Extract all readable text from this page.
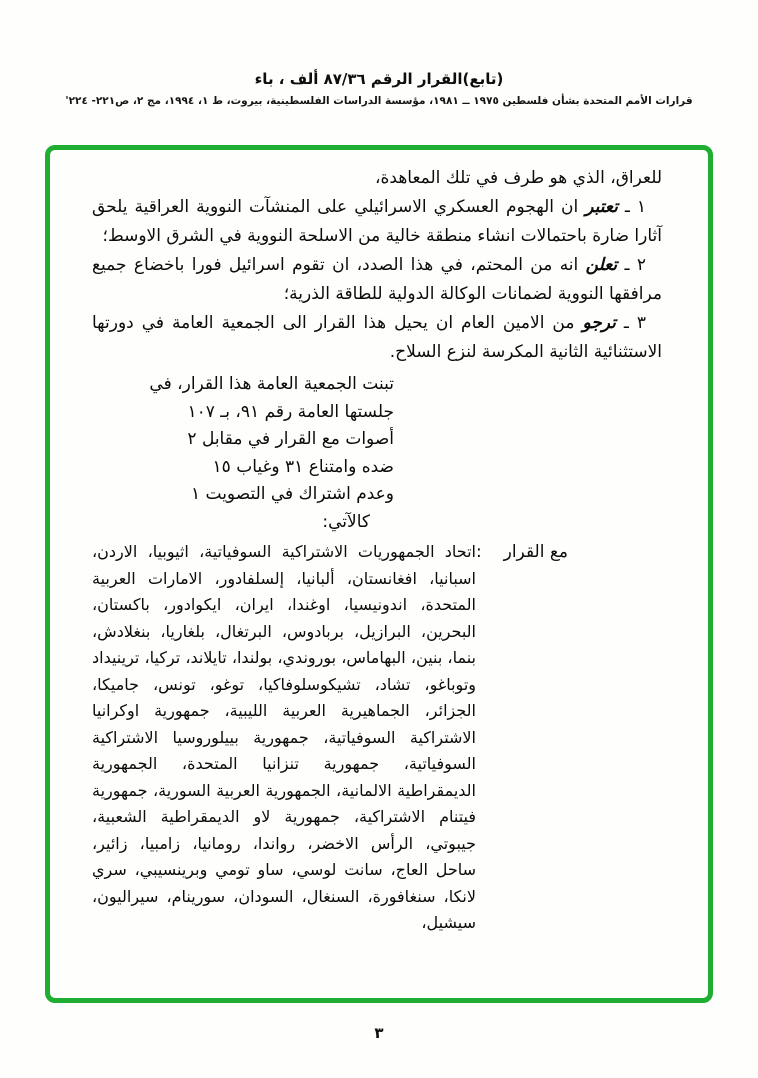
(تابع)القرار الرقم ٨٧/٣٦ ألف ، باء
قرارات الأمم المتحدة بشأن فلسطين ١٩٧٥ ــ ١٩٨١، مؤسسة الدراسات الفلسطينية، بيروت، ط ١، ١٩٩٤، مج ٢، ص٢٢١- ٢٢٤'

للعراق، الذي هو طرف في تلك المعاهدة،

١ ـ تعتبر ان الهجوم العسكري الاسرائيلي على المنشآت النووية العراقية يلحق آثارا ضارة باحتمالات انشاء منطقة خالية من الاسلحة النووية في الشرق الاوسط؛

٢ ـ تعلن انه من المحتم، في هذا الصدد، ان تقوم اسرائيل فورا باخضاع جميع مرافقها النووية لضمانات الوكالة الدولية للطاقة الذرية؛

٣ ـ ترجو من الامين العام ان يحيل هذا القرار الى الجمعية العامة في دورتها الاستثنائية الثانية المكرسة لنزع السلاح.

تبنت الجمعية العامة هذا القرار، في
جلستها العامة رقم ٩١، بـ ١٠٧
أصوات مع القرار في مقابل ٢
ضده وامتناع ٣١ وغياب ١٥
وعدم اشتراك في التصويت ١
كالآتي:
مع القرار
:
اتحاد الجمهوريات الاشتراكية السوفياتية، اثيوبيا، الاردن، اسبانيا، افغانستان، ألبانيا، إلسلفادور، الامارات العربية المتحدة، اندونيسيا، اوغندا، ايران، ايكوادور، باكستان، البحرين، البرازيل، بربادوس، البرتغال، بلغاريا، بنغلادش، بنما، بنين، البهاماس، بوروندي، بولندا، تايلاند، تركيا، ترينيداد وتوباغو، تشاد، تشيكوسلوفاكيا، توغو، تونس، جاميكا، الجزائر، الجماهيرية العربية الليبية، جمهورية اوكرانيا الاشتراكية السوفياتية، جمهورية بييلوروسيا الاشتراكية السوفياتية، جمهورية تنزانيا المتحدة، الجمهورية الديمقراطية الالمانية، الجمهورية العربية السورية، جمهورية فيتنام الاشتراكية، جمهورية لاو الديمقراطية الشعبية، جيبوتي، الرأس الاخضر، رواندا، رومانيا، زامبيا، زائير، ساحل العاج، سانت لوسي، ساو تومي وبرينسيبي، سري لانكا، سنغافورة، السنغال، السودان، سورينام، سيراليون، سيشيل،
٣
